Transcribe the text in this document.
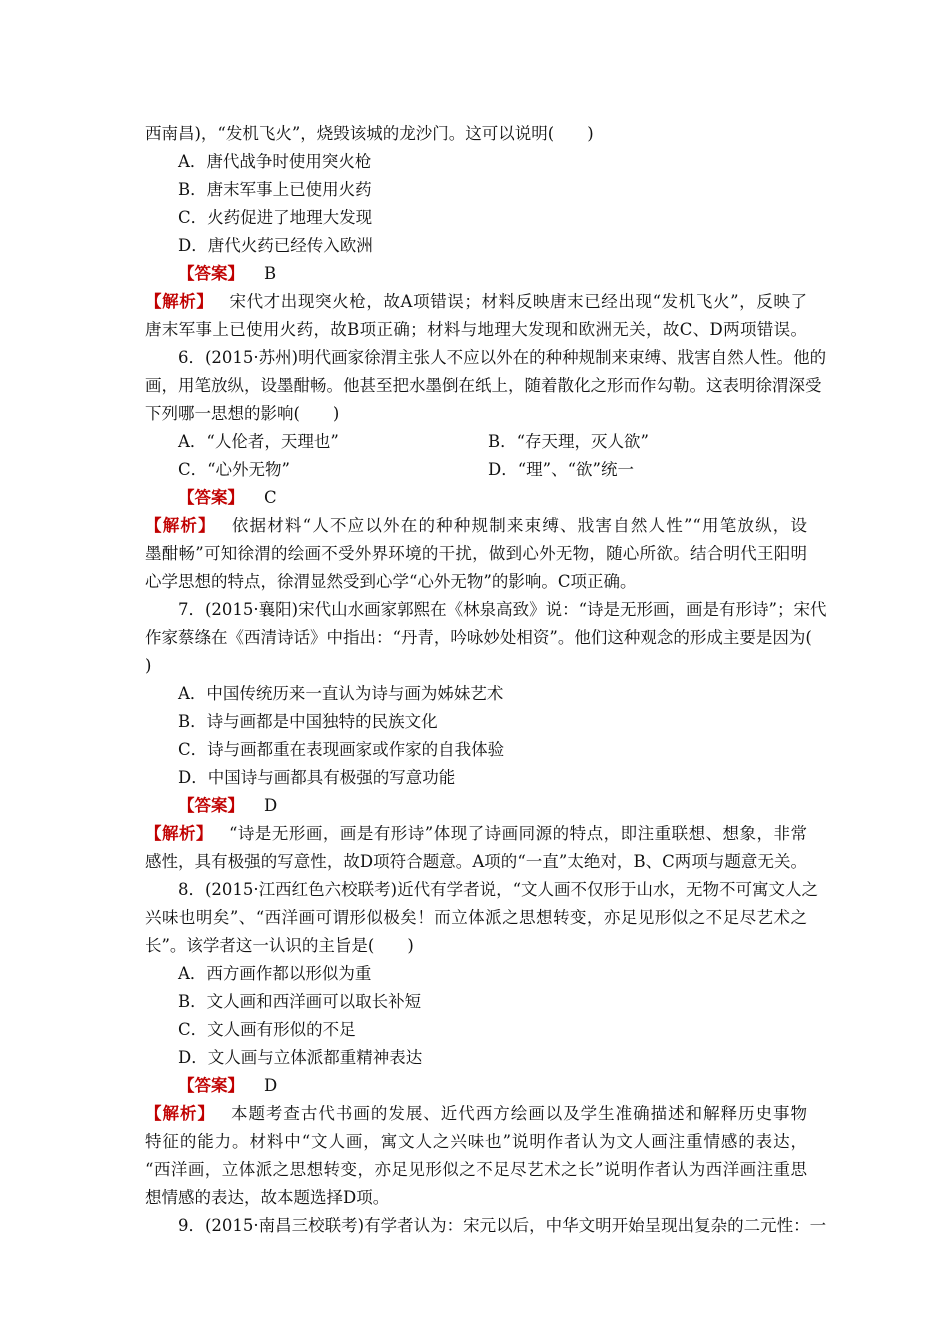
西南昌)，“发机飞火”，烧毁该城的龙沙门。这可以说明(　　)
A．唐代战争时使用突火枪
B．唐末军事上已使用火药
C．火药促进了地理大发现
D．唐代火药已经传入欧洲
【答案】 B
【解析】 宋代才出现突火枪，故A项错误；材料反映唐末已经出现“发机飞火”，反映了
唐末军事上已使用火药，故B项正确；材料与地理大发现和欧洲无关，故C、D两项错误。
6．(2015·苏州)明代画家徐渭主张人不应以外在的种种规制来束缚、戕害自然人性。他的
画，用笔放纵，设墨酣畅。他甚至把水墨倒在纸上，随着散化之形而作勾勒。这表明徐渭深受
下列哪一思想的影响(　　)
A．“人伦者，天理也”	B．“存天理，灭人欲”
C．“心外无物”	D．“理”、“欲”统一
【答案】 C
【解析】 依据材料“人不应以外在的种种规制来束缚、戕害自然人性”“用笔放纵，设
墨酣畅”可知徐渭的绘画不受外界环境的干扰，做到心外无物，随心所欲。结合明代王阳明
心学思想的特点，徐渭显然受到心学“心外无物”的影响。C项正确。
7．(2015·襄阳)宋代山水画家郭熙在《林泉高致》说：“诗是无形画，画是有形诗”；宋代
作家蔡绦在《西清诗话》中指出：“丹青，吟咏妙处相资”。他们这种观念的形成主要是因为(
)
A．中国传统历来一直认为诗与画为姊妹艺术
B．诗与画都是中国独特的民族文化
C．诗与画都重在表现画家或作家的自我体验
D．中国诗与画都具有极强的写意功能
【答案】 D
【解析】 “诗是无形画，画是有形诗”体现了诗画同源的特点，即注重联想、想象，非常
感性，具有极强的写意性，故D项符合题意。A项的“一直”太绝对，B、C两项与题意无关。
8．(2015·江西红色六校联考)近代有学者说，“文人画不仅形于山水，无物不可寓文人之
兴味也明矣”、“西洋画可谓形似极矣！而立体派之思想转变，亦足见形似之不足尽艺术之
长”。该学者这一认识的主旨是(　　)
A．西方画作都以形似为重
B．文人画和西洋画可以取长补短
C．文人画有形似的不足
D．文人画与立体派都重精神表达
【答案】 D
【解析】 本题考查古代书画的发展、近代西方绘画以及学生准确描述和解释历史事物
特征的能力。材料中“文人画，寓文人之兴味也”说明作者认为文人画注重情感的表达，
“西洋画，立体派之思想转变，亦足见形似之不足尽艺术之长”说明作者认为西洋画注重思
想情感的表达，故本题选择D项。
9．(2015·南昌三校联考)有学者认为：宋元以后，中华文明开始呈现出复杂的二元性：一
